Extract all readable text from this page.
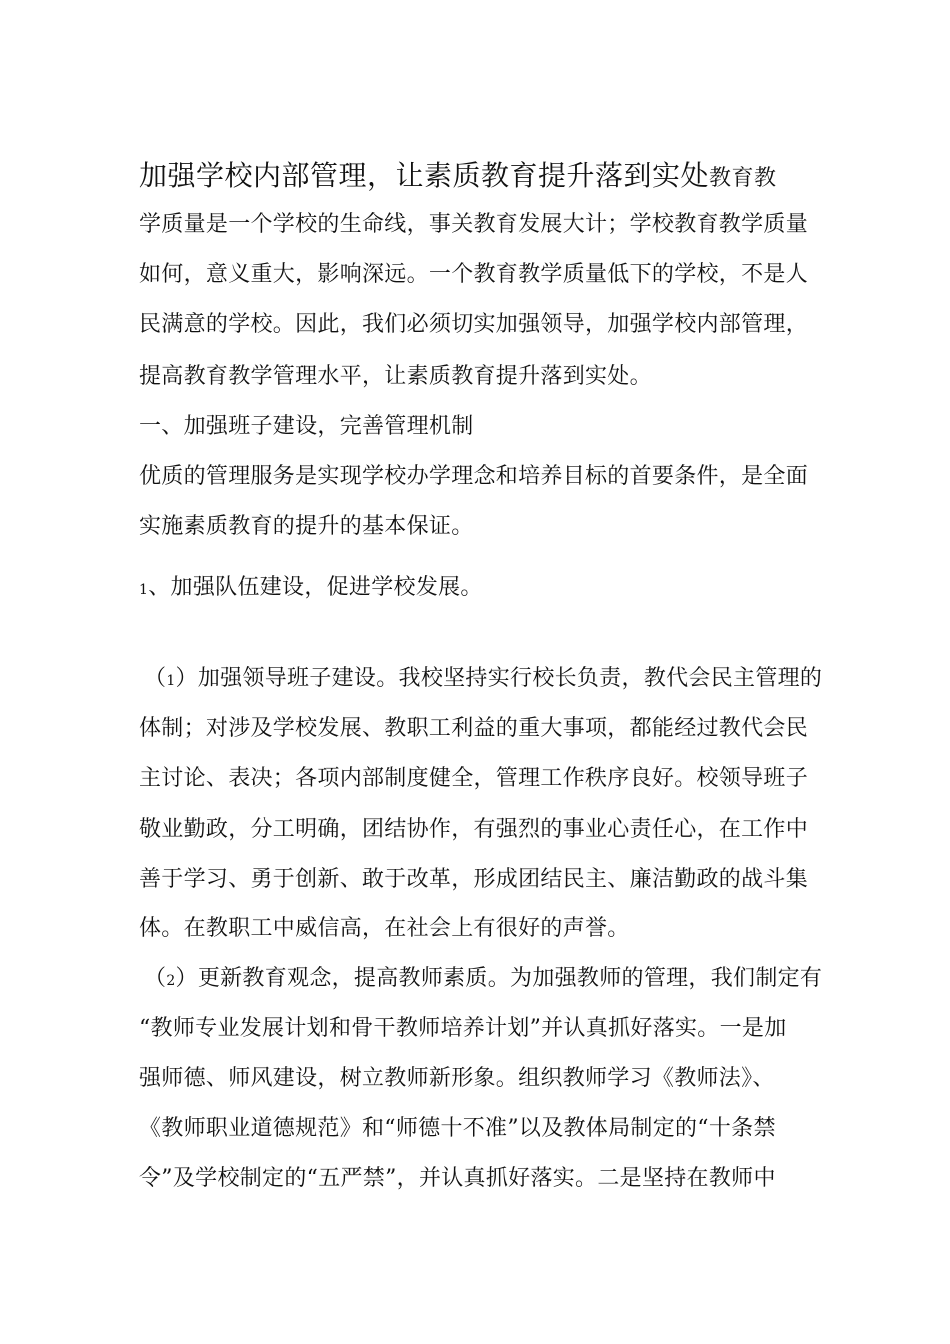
加强学校内部管理，让素质教育提升落到实处教育教
学质量是一个学校的生命线，事关教育发展大计；学校教育教学质量
如何，意义重大，影响深远。一个教育教学质量低下的学校，不是人
民满意的学校。因此，我们必须切实加强领导，加强学校内部管理，
提高教育教学管理水平，让素质教育提升落到实处。
一、加强班子建设，完善管理机制
优质的管理服务是实现学校办学理念和培养目标的首要条件，是全面
实施素质教育的提升的基本保证。
1、加强队伍建设，促进学校发展。
（1）加强领导班子建设。我校坚持实行校长负责，教代会民主管理的
体制；对涉及学校发展、教职工利益的重大事项，都能经过教代会民
主讨论、表决；各项内部制度健全，管理工作秩序良好。校领导班子
敬业勤政，分工明确，团结协作，有强烈的事业心责任心，在工作中
善于学习、勇于创新、敢于改革，形成团结民主、廉洁勤政的战斗集
体。在教职工中威信高，在社会上有很好的声誉。
（2）更新教育观念，提高教师素质。为加强教师的管理，我们制定有
“教师专业发展计划和骨干教师培养计划”并认真抓好落实。一是加
强师德、师风建设，树立教师新形象。组织教师学习《教师法》、
《教师职业道德规范》和“师德十不准”以及教体局制定的“十条禁
令”及学校制定的“五严禁”，并认真抓好落实。二是坚持在教师中
